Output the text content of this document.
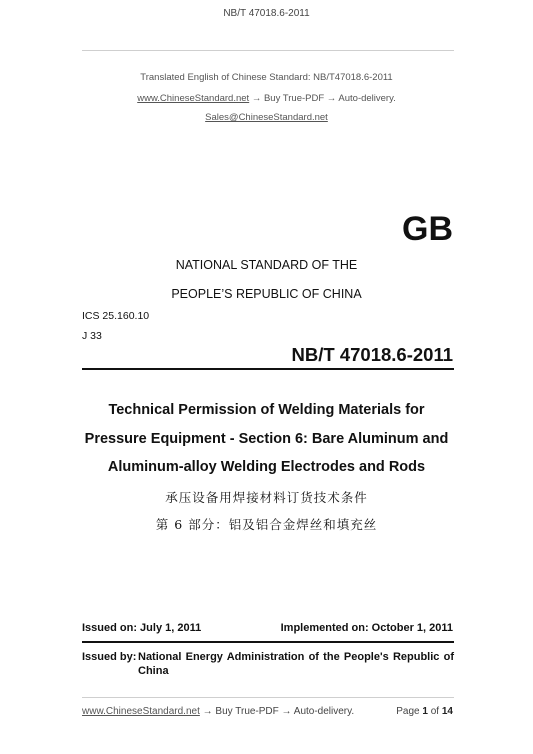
NB/T 47018.6-2011
Translated English of Chinese Standard: NB/T47018.6-2011
www.ChineseStandard.net → Buy True-PDF → Auto-delivery.
Sales@ChineseStandard.net
GB
NATIONAL STANDARD OF THE
PEOPLE’S REPUBLIC OF CHINA
ICS 25.160.10
J 33
NB/T 47018.6-2011
Technical Permission of Welding Materials for
Pressure Equipment - Section 6: Bare Aluminum and
Aluminum-alloy Welding Electrodes and Rods
承压设备用焊接材料订货技术条件
第 6 部分：铝及铝合金焊丝和填充丝
Issued on: July 1, 2011	Implemented on: October 1, 2011
Issued by: National Energy Administration of the People's Republic of
China
www.ChineseStandard.net → Buy True-PDF → Auto-delivery.	Page 1 of 14
